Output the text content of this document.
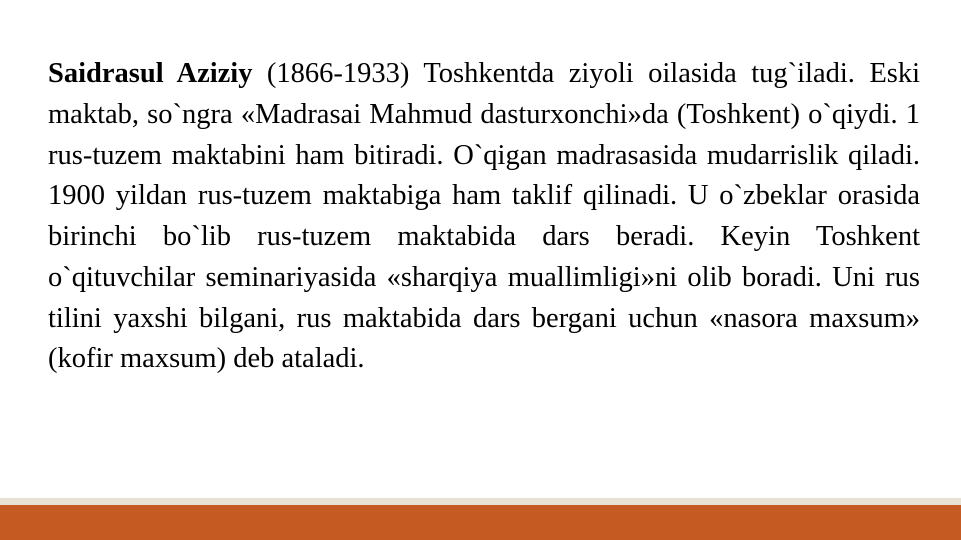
Saidrasul Aziziy (1866-1933) Toshkentda ziyoli oilasida tug`iladi. Eski maktab, so`ngra «Madrasai Mahmud dasturxonchi»da (Toshkent) o`qiydi. 1 rus-tuzem maktabini ham bitiradi. O`qigan madrasasida mudarrislik qiladi. 1900 yildan rus-tuzem maktabiga ham taklif qilinadi. U o`zbeklar orasida birinchi bo`lib rus-tuzem maktabida dars beradi. Keyin Toshkent o`qituvchilar seminariyasida «sharqiya muallimligi»ni olib boradi. Uni rus tilini yaxshi bilgani, rus maktabida dars bergani uchun «nasora maxsum» (kofir maxsum) deb ataladi.
